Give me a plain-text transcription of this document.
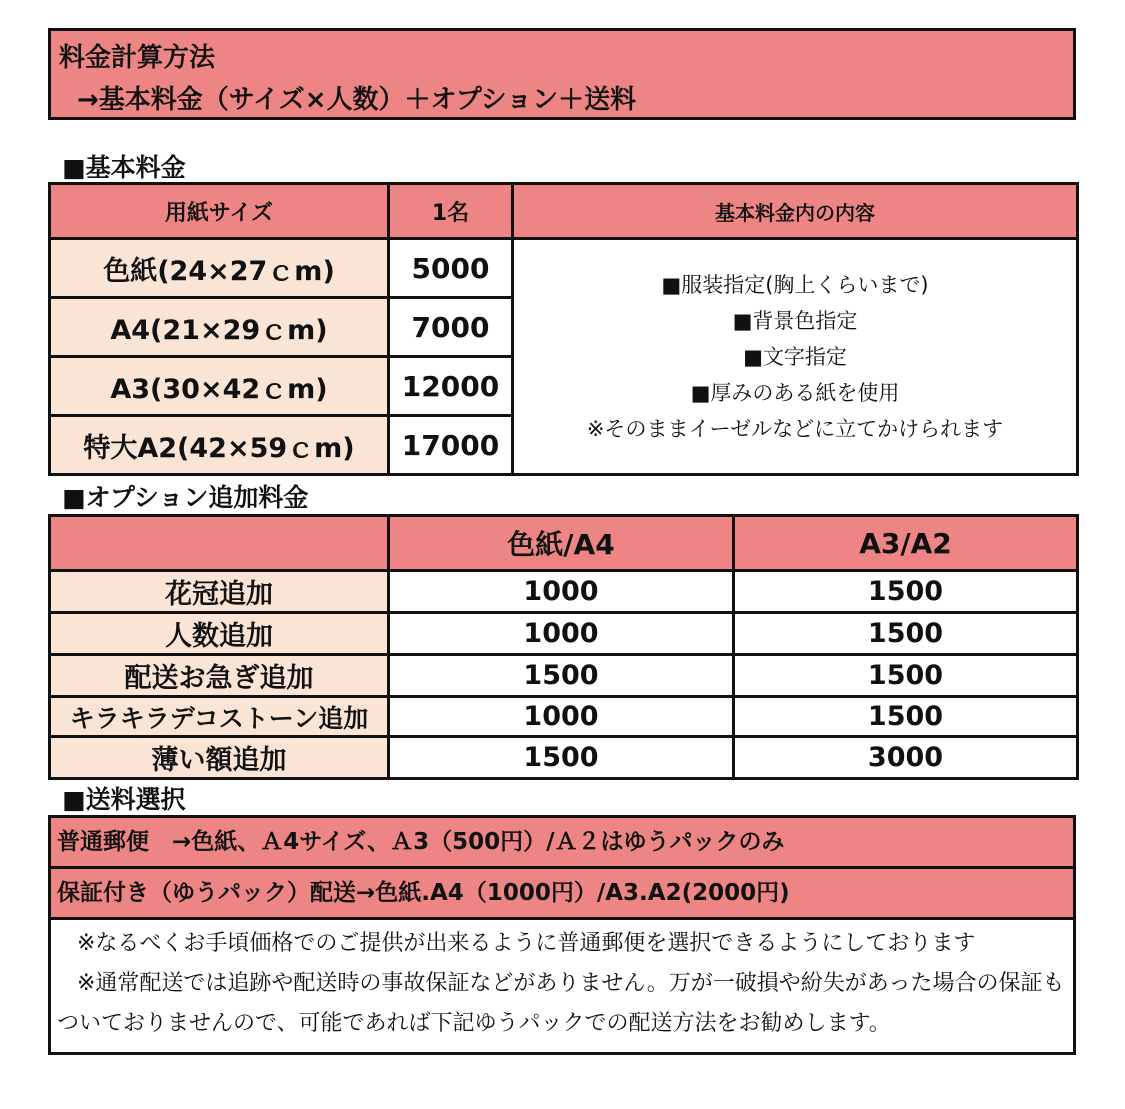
料金計算方法
→基本料金（サイズ×人数）＋オプション＋送料
■基本料金
用紙サイズ	1名	基本料金内の内容
色紙(24×27ｃm)	5000	■服装指定(胸上くらいまで)
■背景色指定
■文字指定
■厚みのある紙を使用
※そのままイーゼルなどに立てかけられます

A4(21×29ｃm)	7000	
A3(30×42ｃm)	12000	
特大A2(42×59ｃm)	17000	
■オプション追加料金
	色紙/A4	A3/A2
花冠追加	1000	1500
人数追加	1000	1500
配送お急ぎ追加	1500	1500
キラキラデコストーン追加	1000	1500
薄い額追加	1500	3000
■送料選択
普通郵便　→色紙、Ａ4サイズ、Ａ3（500円）/Ａ２はゆうパックのみ
保証付き（ゆうパック）配送→色紙.A4（1000円）/A3.A2(2000円)
※なるべくお手頃価格でのご提供が出来るように普通郵便を選択できるようにしております
※通常配送では追跡や配送時の事故保証などがありません。万が一破損や紛失があった場合の保証もついておりませんので、可能であれば下記ゆうパックでの配送方法をお勧めします。
